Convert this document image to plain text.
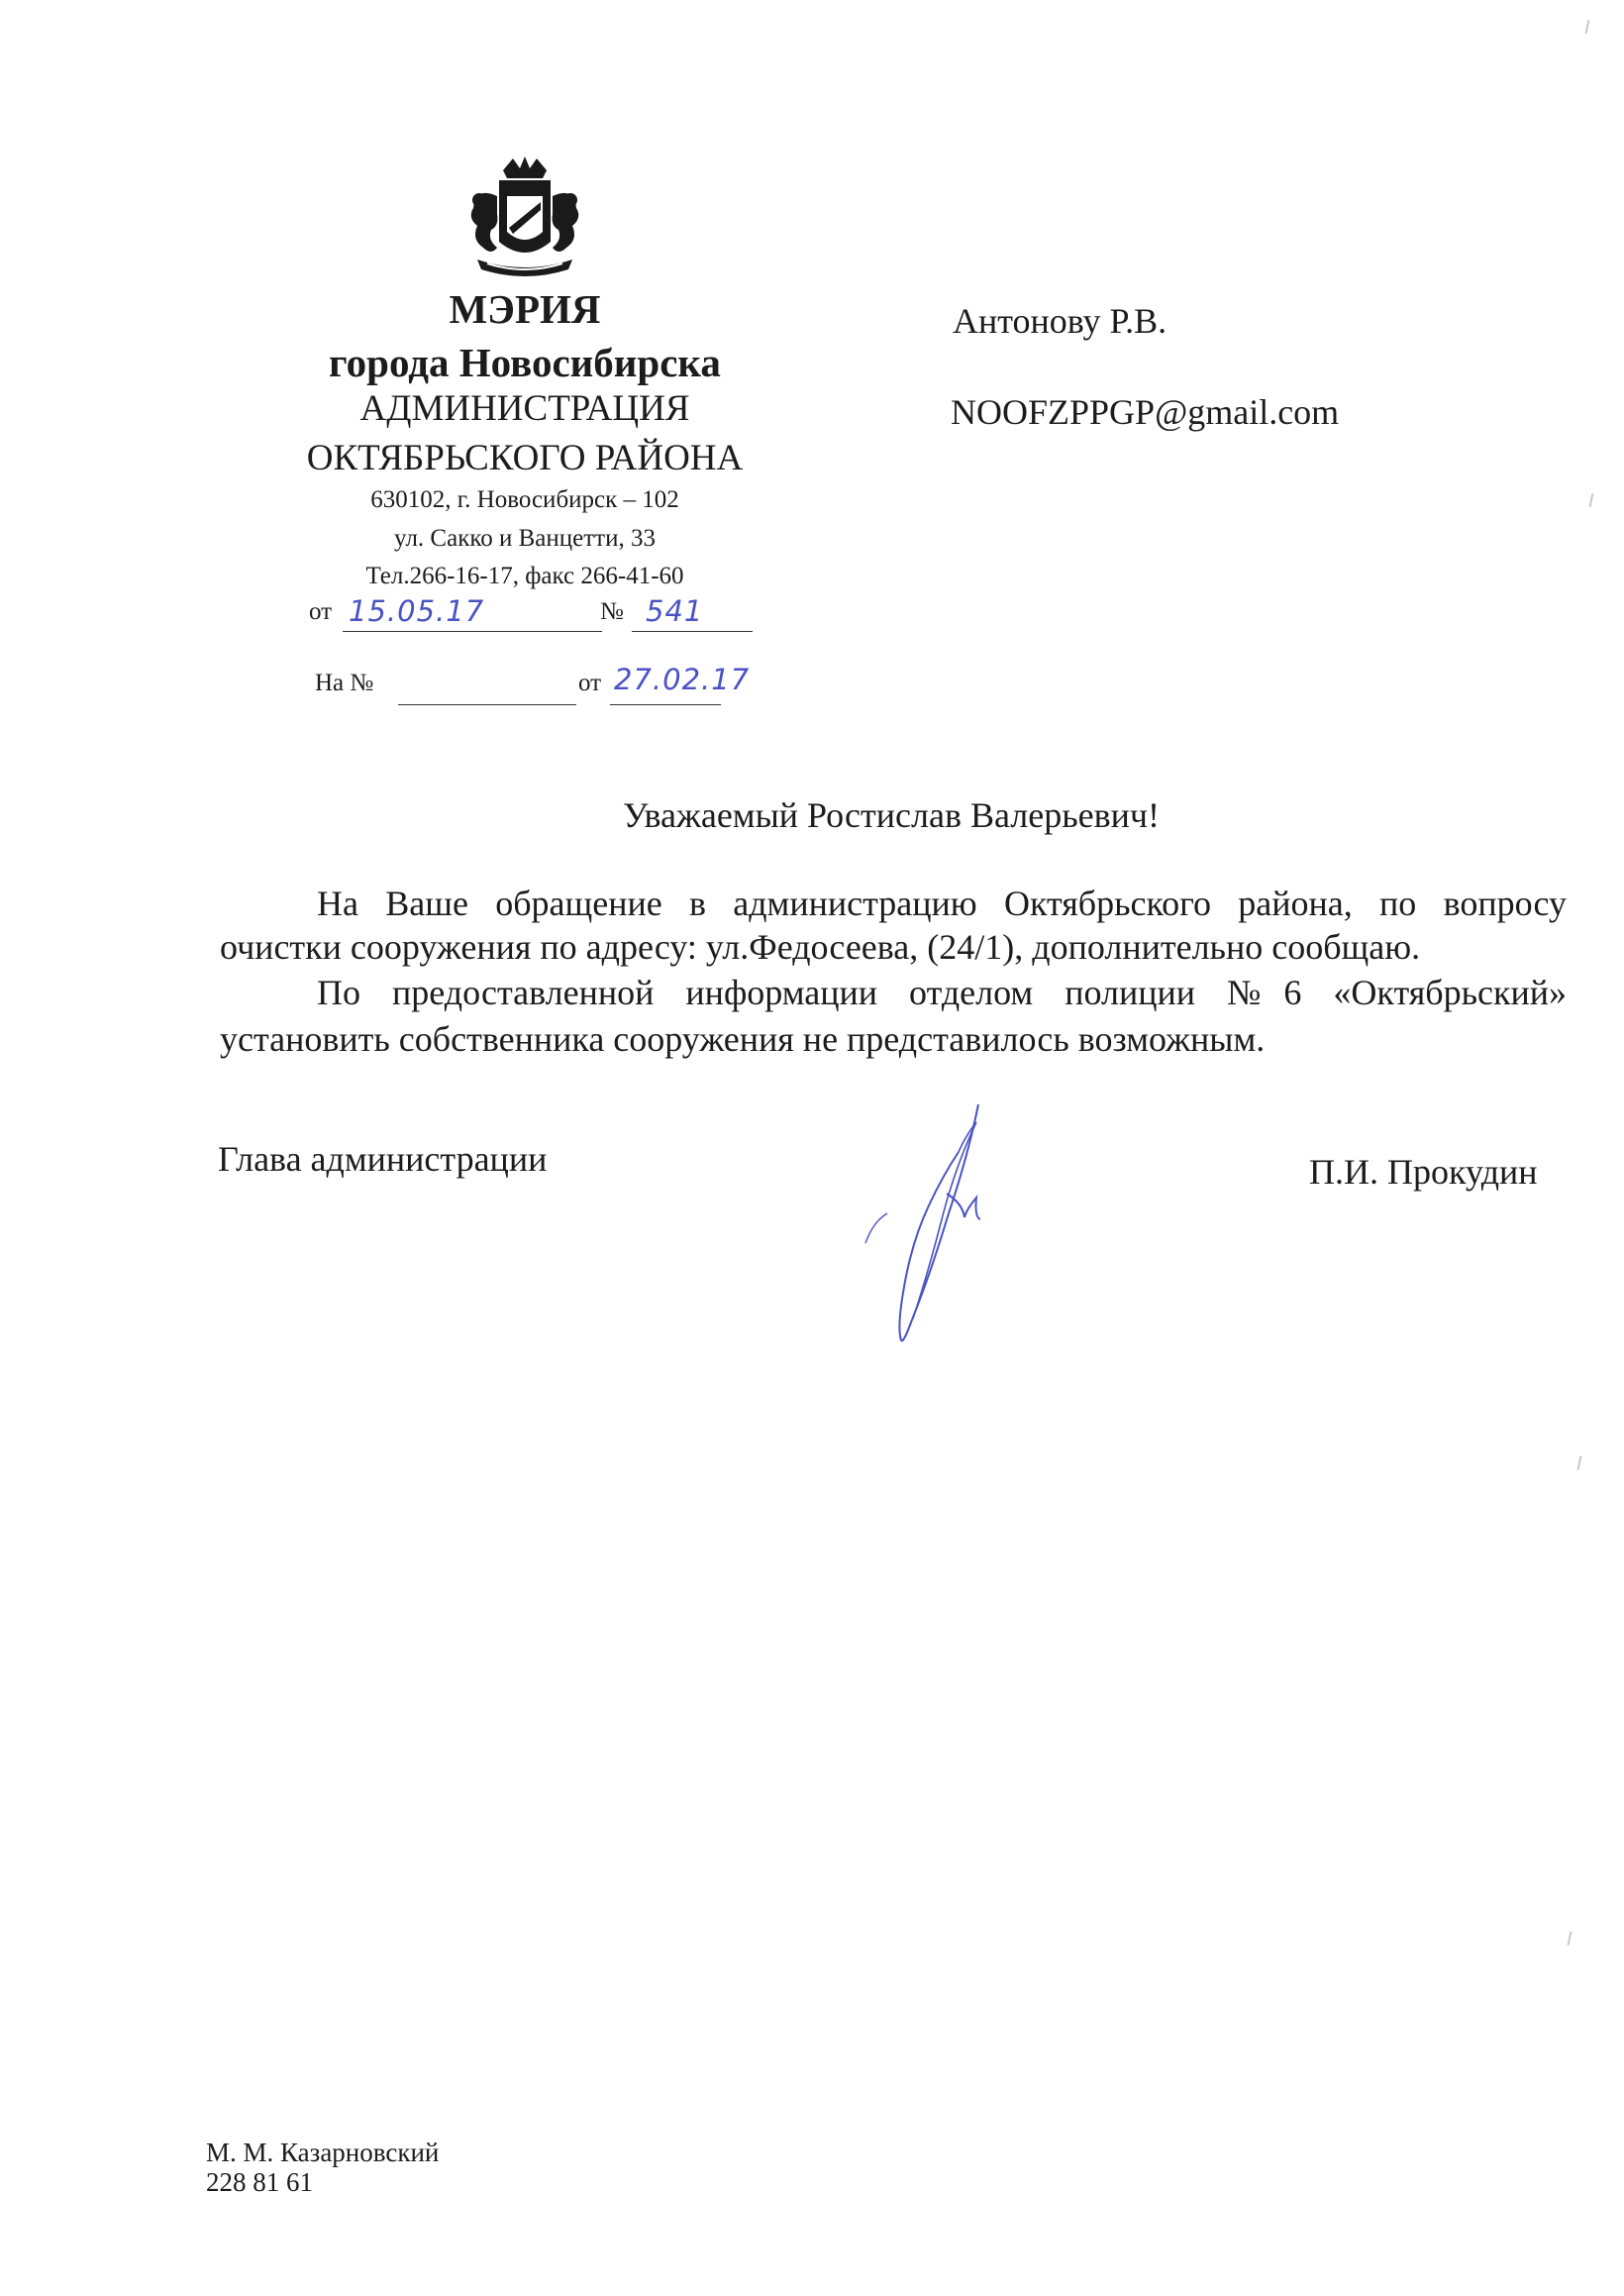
МЭРИЯ
города Новосибирска
АДМИНИСТРАЦИЯ
ОКТЯБРЬСКОГО РАЙОНА
630102, г. Новосибирск – 102
ул. Сакко и Ванцетти, 33
Тел.266-16-17, факс 266-41-60
от 15.05.17	№ 541
На №	от 27.02.17
Антонову Р.В.
NOOFZPPGP@gmail.com
Уважаемый Ростислав Валерьевич!
На Ваше обращение в администрацию Октябрьского района, по вопросу
очистки сооружения по адресу: ул.Федосеева, (24/1), дополнительно сообщаю.
По предоставленной информации отделом полиции №6 «Октябрьский»
установить собственника сооружения не представилось возможным.
Глава администрации	П.И. Прокудин
М. М. Казарновский
228 81 61
